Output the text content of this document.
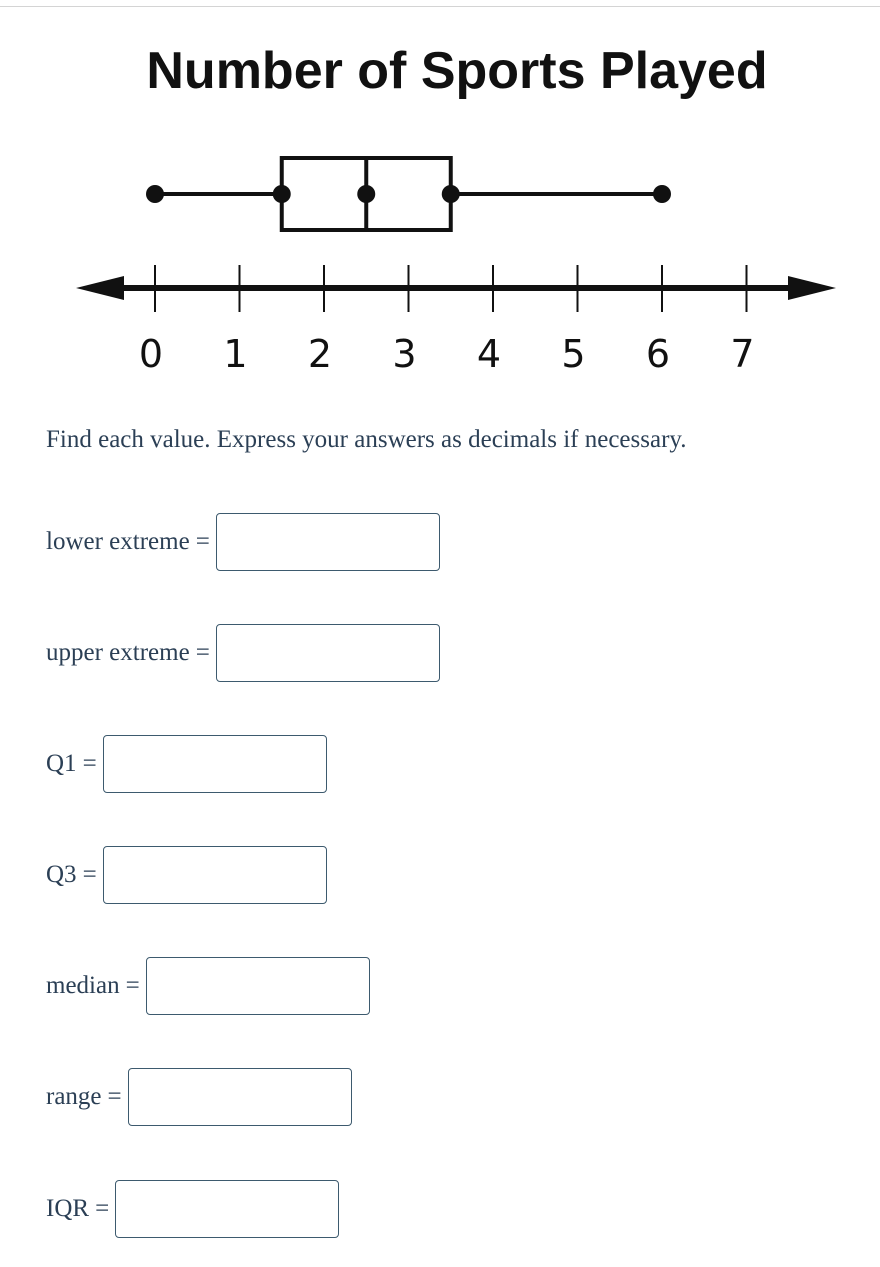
Number of Sports Played
0 1 2 3 4 5 6 7

Find each value. Express your answers as decimals if necessary.

lower extreme =
upper extreme =
Q1 =
Q3 =
median =
range =
IQR =
